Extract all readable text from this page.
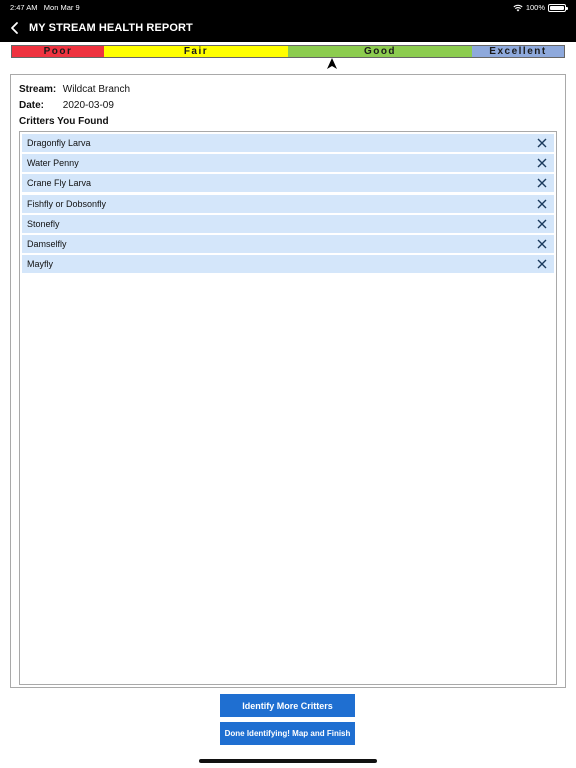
2:47 AM Mon Mar 9	100%
MY STREAM HEALTH REPORT
Poor	Fair	Good	Excellent
Stream: Wildcat Branch
Date: 2020-03-09
Critters You Found
Dragonfly Larva
Water Penny
Crane Fly Larva
Fishfly or Dobsonfly
Stonefly
Damselfly
Mayfly
Identify More Critters
Done Identifying! Map and Finish
